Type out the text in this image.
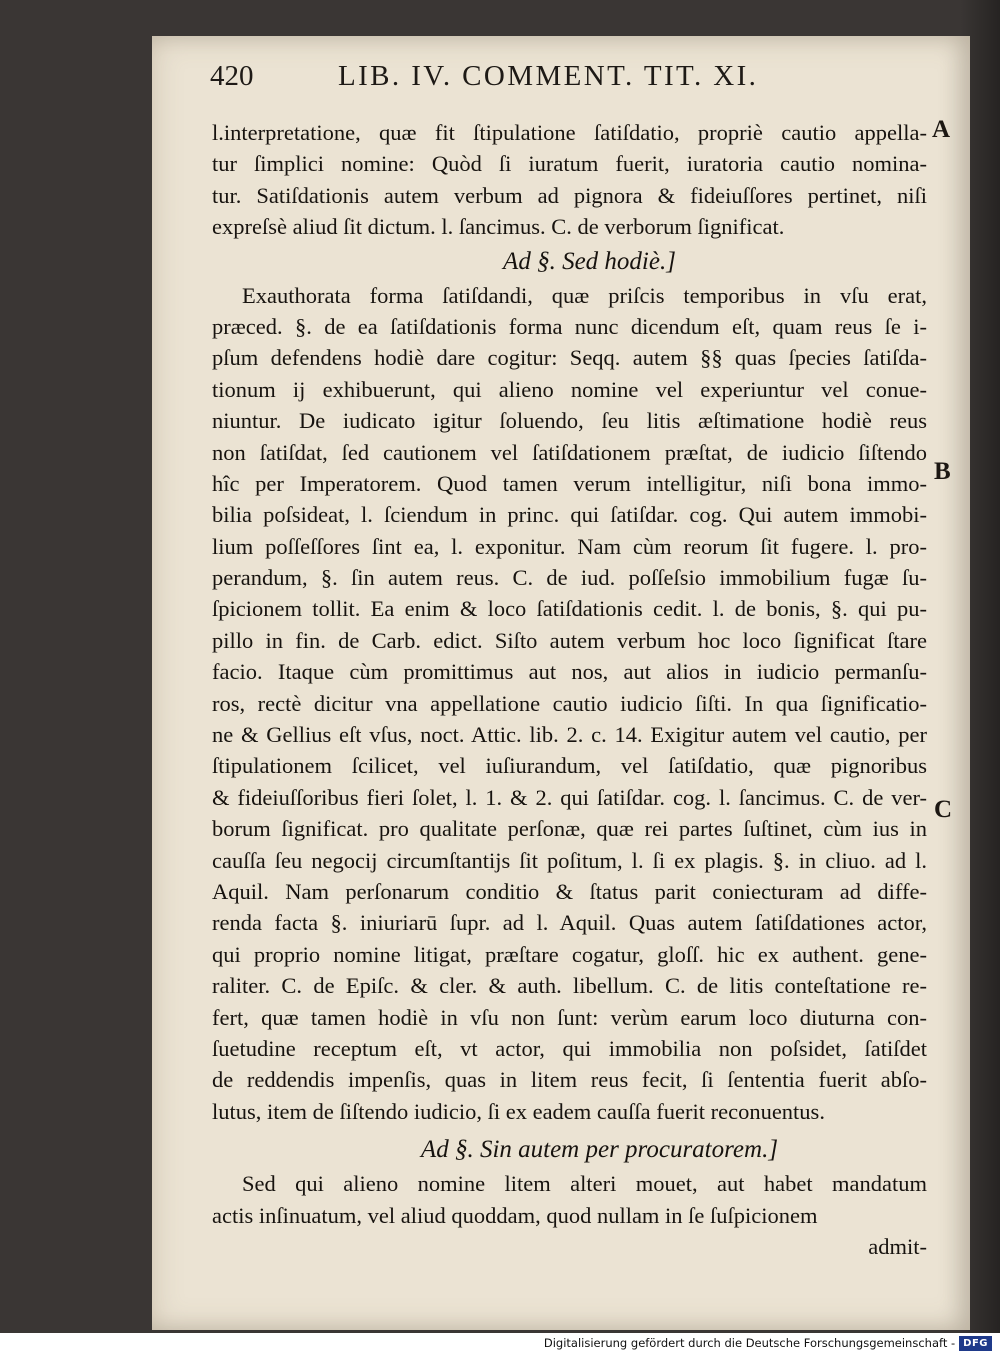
420	LIB. IV. COMMENT. TIT. XI.
l.interpretatione, quæ fit ſtipulatione ſatiſdatio, propriè cautio appella-
tur ſimplici nomine: Quòd ſi iuratum fuerit, iuratoria cautio nomina-
tur. Satiſdationis autem verbum ad pignora & fideiuſſores pertinet, niſi
expreſsè aliud ſit dictum. l. ſancimus. C. de verborum ſignificat.
Ad §. Sed hodiè.]
Exauthorata forma ſatiſdandi, quæ priſcis temporibus in vſu erat,
præced. §. de ea ſatiſdationis forma nunc dicendum eſt, quam reus ſe i-
pſum defendens hodiè dare cogitur: Seqq. autem §§ quas ſpecies ſatiſda-
tionum ij exhibuerunt, qui alieno nomine vel experiuntur vel conue-
niuntur. De iudicato igitur ſoluendo, ſeu litis æſtimatione hodiè reus
non ſatiſdat, ſed cautionem vel ſatiſdationem præſtat, de iudicio ſiſtendo
hîc per Imperatorem. Quod tamen verum intelligitur, niſi bona immo-
bilia poſsideat, l. ſciendum in princ. qui ſatiſdar. cog. Qui autem immobi-
lium poſſeſſores ſint ea, l. exponitur. Nam cùm reorum ſit fugere. l. pro-
perandum, §. ſin autem reus. C. de iud. poſſeſsio immobilium fugæ ſu-
ſpicionem tollit. Ea enim & loco ſatiſdationis cedit. l. de bonis, §. qui pu-
pillo in fin. de Carb. edict. Siſto autem verbum hoc loco ſignificat ſtare
facio. Itaque cùm promittimus aut nos, aut alios in iudicio permanſu-
ros, rectè dicitur vna appellatione cautio iudicio ſiſti. In qua ſignificatio-
ne & Gellius eſt vſus, noct. Attic. lib. 2. c. 14. Exigitur autem vel cautio, per
ſtipulationem ſcilicet, vel iuſiurandum, vel ſatiſdatio, quæ pignoribus
& fideiuſſoribus fieri ſolet, l. 1. & 2. qui ſatiſdar. cog. l. ſancimus. C. de ver-
borum ſignificat. pro qualitate perſonæ, quæ rei partes ſuſtinet, cùm ius in
cauſſa ſeu negocij circumſtantijs ſit poſitum, l. ſi ex plagis. §. in cliuo. ad l.
Aquil. Nam perſonarum conditio & ſtatus parit coniecturam ad diffe-
renda facta §. iniuriarū ſupr. ad l. Aquil. Quas autem ſatiſdationes actor,
qui proprio nomine litigat, præſtare cogatur, gloſſ. hic ex authent. gene-
raliter. C. de Epiſc. & cler. & auth. libellum. C. de litis conteſtatione re-
fert, quæ tamen hodiè in vſu non ſunt: verùm earum loco diuturna con-
ſuetudine receptum eſt, vt actor, qui immobilia non poſsidet, ſatiſdet
de reddendis impenſis, quas in litem reus fecit, ſi ſententia fuerit abſo-
lutus, item de ſiſtendo iudicio, ſi ex eadem cauſſa fuerit reconuentus.
Ad §. Sin autem per procuratorem.]
Sed qui alieno nomine litem alteri mouet, aut habet mandatum
actis inſinuatum, vel aliud quoddam, quod nullam in ſe ſuſpicionem
admit-
A
B
C
Digitalisierung gefördert durch die Deutsche Forschungsgemeinschaft - DFG
